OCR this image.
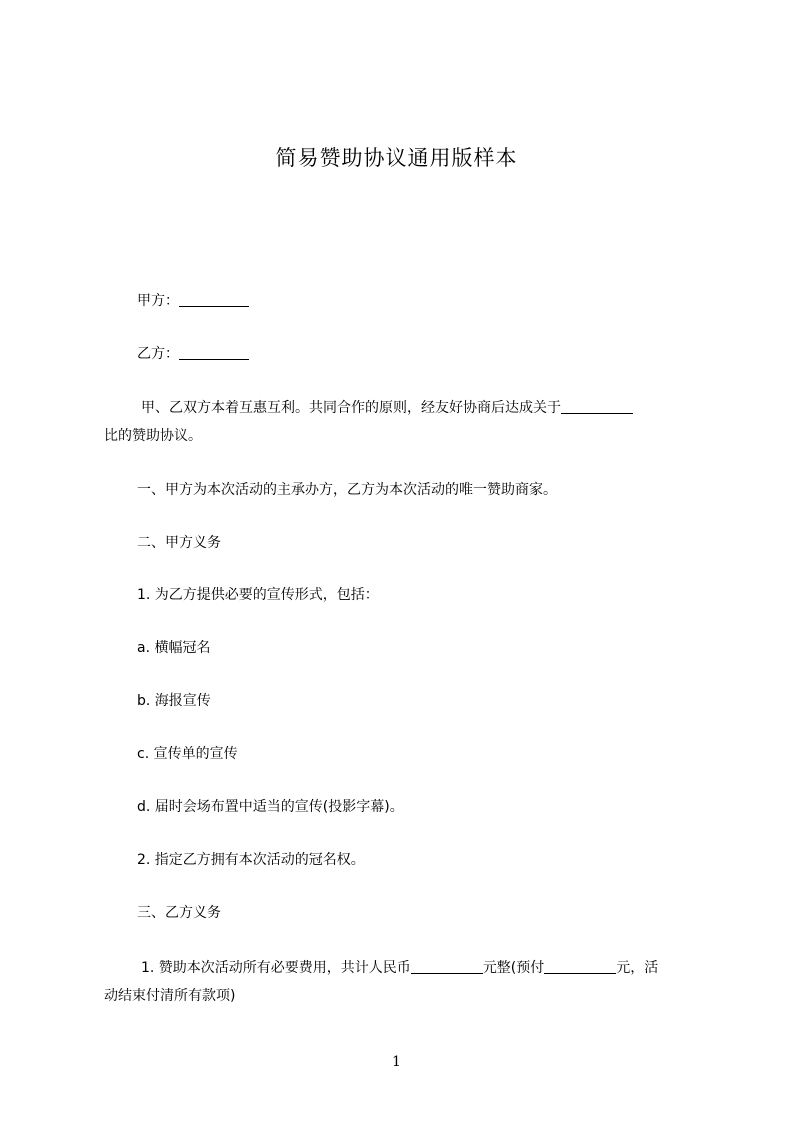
简易赞助协议通用版样本

甲方：

乙方：

甲、乙双方本着互惠互利。共同合作的原则，经友好协商后达成关于

比的赞助协议。

一、甲方为本次活动的主承办方，乙方为本次活动的唯一赞助商家。

二、甲方义务

1. 为乙方提供必要的宣传形式，包括：

a. 横幅冠名

b. 海报宣传

c. 宣传单的宣传

d. 届时会场布置中适当的宣传(投影字幕)。

2. 指定乙方拥有本次活动的冠名权。

三、乙方义务

1. 赞助本次活动所有必要费用，共计人民币	元整(预付	元，活

动结束付清所有款项)

1
